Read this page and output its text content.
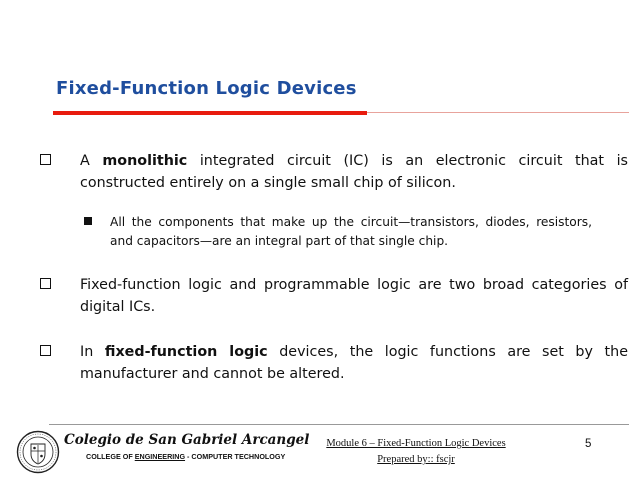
Fixed-Function Logic Devices
A monolithic integrated circuit (IC) is an electronic circuit that is constructed entirely on a single small chip of silicon.
All the components that make up the circuit—transistors, diodes, resistors, and capacitors—are an integral part of that single chip.
Fixed-function logic and programmable logic are two broad categories of digital ICs.
In fixed-function logic devices, the logic functions are set by the manufacturer and cannot be altered.
Colegio de San Gabriel Arcangel
COLLEGE OF ENGINEERING - COMPUTER TECHNOLOGY
Module 6 – Fixed-Function Logic Devices
Prepared by:: fscjr
5
